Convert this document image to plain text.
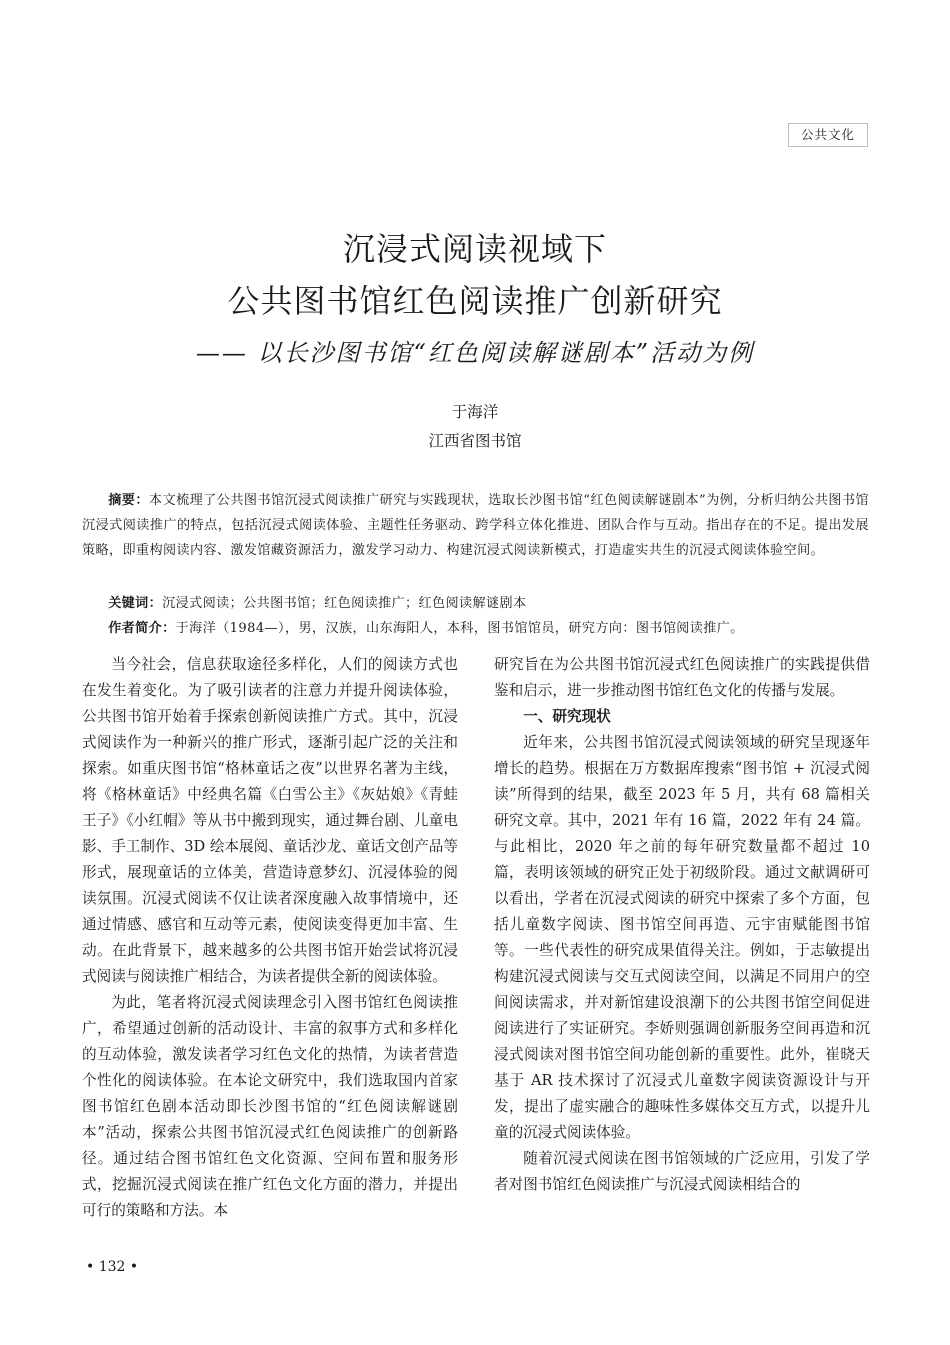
公共文化
沉浸式阅读视域下
公共图书馆红色阅读推广创新研究
—— 以长沙图书馆“红色阅读解谜剧本”活动为例
于海洋
江西省图书馆

摘要：本文梳理了公共图书馆沉浸式阅读推广研究与实践现状，选取长沙图书馆“红色阅读解谜剧本”为例，分析归纳公共图书馆沉浸式阅读推广的特点，包括沉浸式阅读体验、主题性任务驱动、跨学科立体化推进、团队合作与互动。指出存在的不足。提出发展策略，即重构阅读内容、激发馆藏资源活力，激发学习动力、构建沉浸式阅读新模式，打造虚实共生的沉浸式阅读体验空间。

关键词：沉浸式阅读；公共图书馆；红色阅读推广；红色阅读解谜剧本

作者简介：于海洋（1984—），男，汉族，山东海阳人，本科，图书馆馆员，研究方向：图书馆阅读推广。

当今社会，信息获取途径多样化，人们的阅读方式也在发生着变化。为了吸引读者的注意力并提升阅读体验，公共图书馆开始着手探索创新阅读推广方式。其中，沉浸式阅读作为一种新兴的推广形式，逐渐引起广泛的关注和探索。如重庆图书馆“格林童话之夜”以世界名著为主线，将《格林童话》中经典名篇《白雪公主》《灰姑娘》《青蛙王子》《小红帽》等从书中搬到现实，通过舞台剧、儿童电影、手工制作、3D 绘本展阅、童话沙龙、童话文创产品等形式，展现童话的立体美，营造诗意梦幻、沉浸体验的阅读氛围。沉浸式阅读不仅让读者深度融入故事情境中，还通过情感、感官和互动等元素，使阅读变得更加丰富、生动。在此背景下，越来越多的公共图书馆开始尝试将沉浸式阅读与阅读推广相结合，为读者提供全新的阅读体验。

为此，笔者将沉浸式阅读理念引入图书馆红色阅读推广，希望通过创新的活动设计、丰富的叙事方式和多样化的互动体验，激发读者学习红色文化的热情，为读者营造个性化的阅读体验。在本论文研究中，我们选取国内首家图书馆红色剧本活动即长沙图书馆的“红色阅读解谜剧本”活动，探索公共图书馆沉浸式红色阅读推广的创新路径。通过结合图书馆红色文化资源、空间布置和服务形式，挖掘沉浸式阅读在推广红色文化方面的潜力，并提出可行的策略和方法。本

研究旨在为公共图书馆沉浸式红色阅读推广的实践提供借鉴和启示，进一步推动图书馆红色文化的传播与发展。

一、研究现状

近年来，公共图书馆沉浸式阅读领域的研究呈现逐年增长的趋势。根据在万方数据库搜索“图书馆 + 沉浸式阅读”所得到的结果，截至 2023 年 5 月，共有 68 篇相关研究文章。其中，2021 年有 16 篇，2022 年有 24 篇。与此相比，2020 年之前的每年研究数量都不超过 10 篇，表明该领域的研究正处于初级阶段。通过文献调研可以看出，学者在沉浸式阅读的研究中探索了多个方面，包括儿童数字阅读、图书馆空间再造、元宇宙赋能图书馆等。一些代表性的研究成果值得关注。例如，于志敏提出构建沉浸式阅读与交互式阅读空间，以满足不同用户的空间阅读需求，并对新馆建设浪潮下的公共图书馆空间促进阅读进行了实证研究。李娇则强调创新服务空间再造和沉浸式阅读对图书馆空间功能创新的重要性。此外，崔晓天基于 AR 技术探讨了沉浸式儿童数字阅读资源设计与开发，提出了虚实融合的趣味性多媒体交互方式，以提升儿童的沉浸式阅读体验。

随着沉浸式阅读在图书馆领域的广泛应用，引发了学者对图书馆红色阅读推广与沉浸式阅读相结合的

• 132 •
